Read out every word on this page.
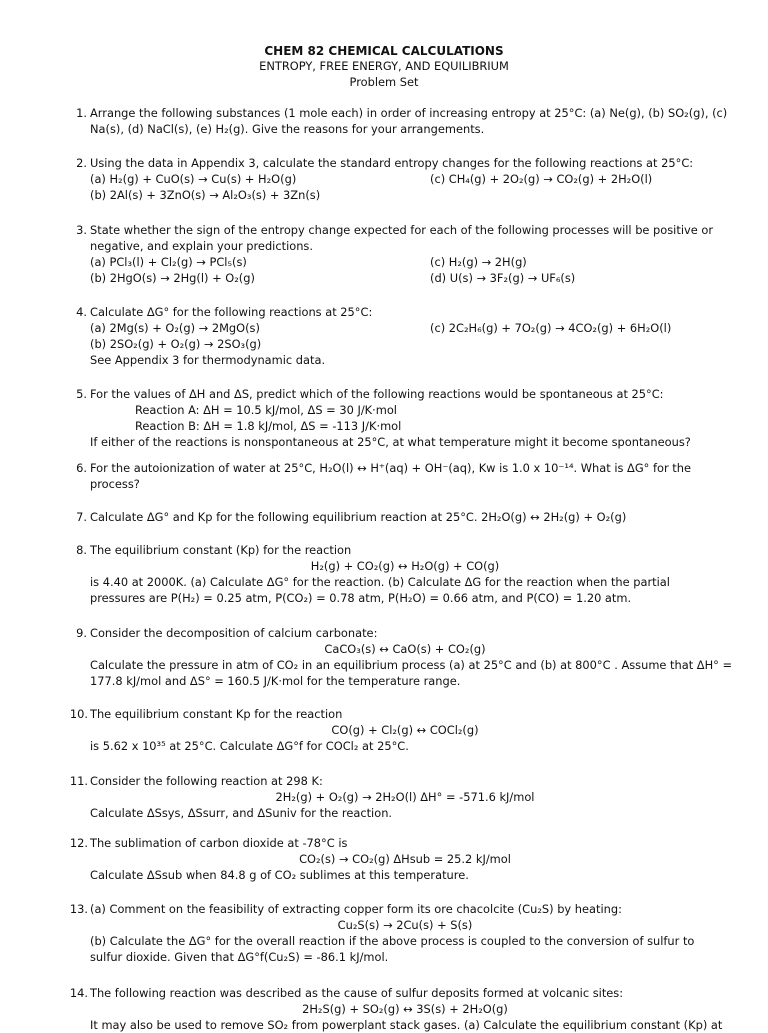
CHEM 82 CHEMICAL CALCULATIONS
ENTROPY, FREE ENERGY, AND EQUILIBRIUM
Problem Set
1. Arrange the following substances (1 mole each) in order of increasing entropy at 25°C: (a) Ne(g), (b) SO₂(g), (c)
Na(s), (d) NaCl(s), (e) H₂(g). Give the reasons for your arrangements.
2. Using the data in Appendix 3, calculate the standard entropy changes for the following reactions at 25°C:
(a) H₂(g) + CuO(s) → Cu(s) + H₂O(g)	(c) CH₄(g) + 2O₂(g) → CO₂(g) + 2H₂O(l)
(b) 2Al(s) + 3ZnO(s) → Al₂O₃(s) + 3Zn(s)
3. State whether the sign of the entropy change expected for each of the following processes will be positive or
negative, and explain your predictions.
(a) PCl₃(l) + Cl₂(g) → PCl₅(s)	(c) H₂(g) → 2H(g)
(b) 2HgO(s) → 2Hg(l) + O₂(g)	(d) U(s) → 3F₂(g) → UF₆(s)
4. Calculate ΔG° for the following reactions at 25°C:
(a) 2Mg(s) + O₂(g) → 2MgO(s)	(c) 2C₂H₆(g) + 7O₂(g) → 4CO₂(g) + 6H₂O(l)
(b) 2SO₂(g) + O₂(g) → 2SO₃(g)
See Appendix 3 for thermodynamic data.
5. For the values of ΔH and ΔS, predict which of the following reactions would be spontaneous at 25°C:
Reaction A: ΔH = 10.5 kJ/mol, ΔS = 30 J/K·mol
Reaction B: ΔH = 1.8 kJ/mol, ΔS = -113 J/K·mol
If either of the reactions is nonspontaneous at 25°C, at what temperature might it become spontaneous?
6. For the autoionization of water at 25°C, H₂O(l) ↔ H⁺(aq) + OH⁻(aq), Kw is 1.0 x 10⁻¹⁴. What is ΔG° for the
process?
7. Calculate ΔG° and Kp for the following equilibrium reaction at 25°C. 2H₂O(g) ↔ 2H₂(g) + O₂(g)
8. The equilibrium constant (Kp) for the reaction
H₂(g) + CO₂(g) ↔ H₂O(g) + CO(g)
is 4.40 at 2000K. (a) Calculate ΔG° for the reaction. (b) Calculate ΔG for the reaction when the partial
pressures are P(H₂) = 0.25 atm, P(CO₂) = 0.78 atm, P(H₂O) = 0.66 atm, and P(CO) = 1.20 atm.
9. Consider the decomposition of calcium carbonate:
CaCO₃(s) ↔ CaO(s) + CO₂(g)
Calculate the pressure in atm of CO₂ in an equilibrium process (a) at 25°C and (b) at 800°C . Assume that ΔH° =
177.8 kJ/mol and ΔS° = 160.5 J/K·mol for the temperature range.
10. The equilibrium constant Kp for the reaction
CO(g) + Cl₂(g) ↔ COCl₂(g)
is 5.62 x 10³⁵ at 25°C. Calculate ΔG°f for COCl₂ at 25°C.
11. Consider the following reaction at 298 K:
2H₂(g) + O₂(g) → 2H₂O(l) ΔH° = -571.6 kJ/mol
Calculate ΔSsys, ΔSsurr, and ΔSuniv for the reaction.
12. The sublimation of carbon dioxide at -78°C is
CO₂(s) → CO₂(g) ΔHsub = 25.2 kJ/mol
Calculate ΔSsub when 84.8 g of CO₂ sublimes at this temperature.
13. (a) Comment on the feasibility of extracting copper form its ore chacolcite (Cu₂S) by heating:
Cu₂S(s) → 2Cu(s) + S(s)
(b) Calculate the ΔG° for the overall reaction if the above process is coupled to the conversion of sulfur to
sulfur dioxide. Given that ΔG°f(Cu₂S) = -86.1 kJ/mol.
14. The following reaction was described as the cause of sulfur deposits formed at volcanic sites:
2H₂S(g) + SO₂(g) ↔ 3S(s) + 2H₂O(g)
It may also be used to remove SO₂ from powerplant stack gases. (a) Calculate the equilibrium constant (Kp) at
